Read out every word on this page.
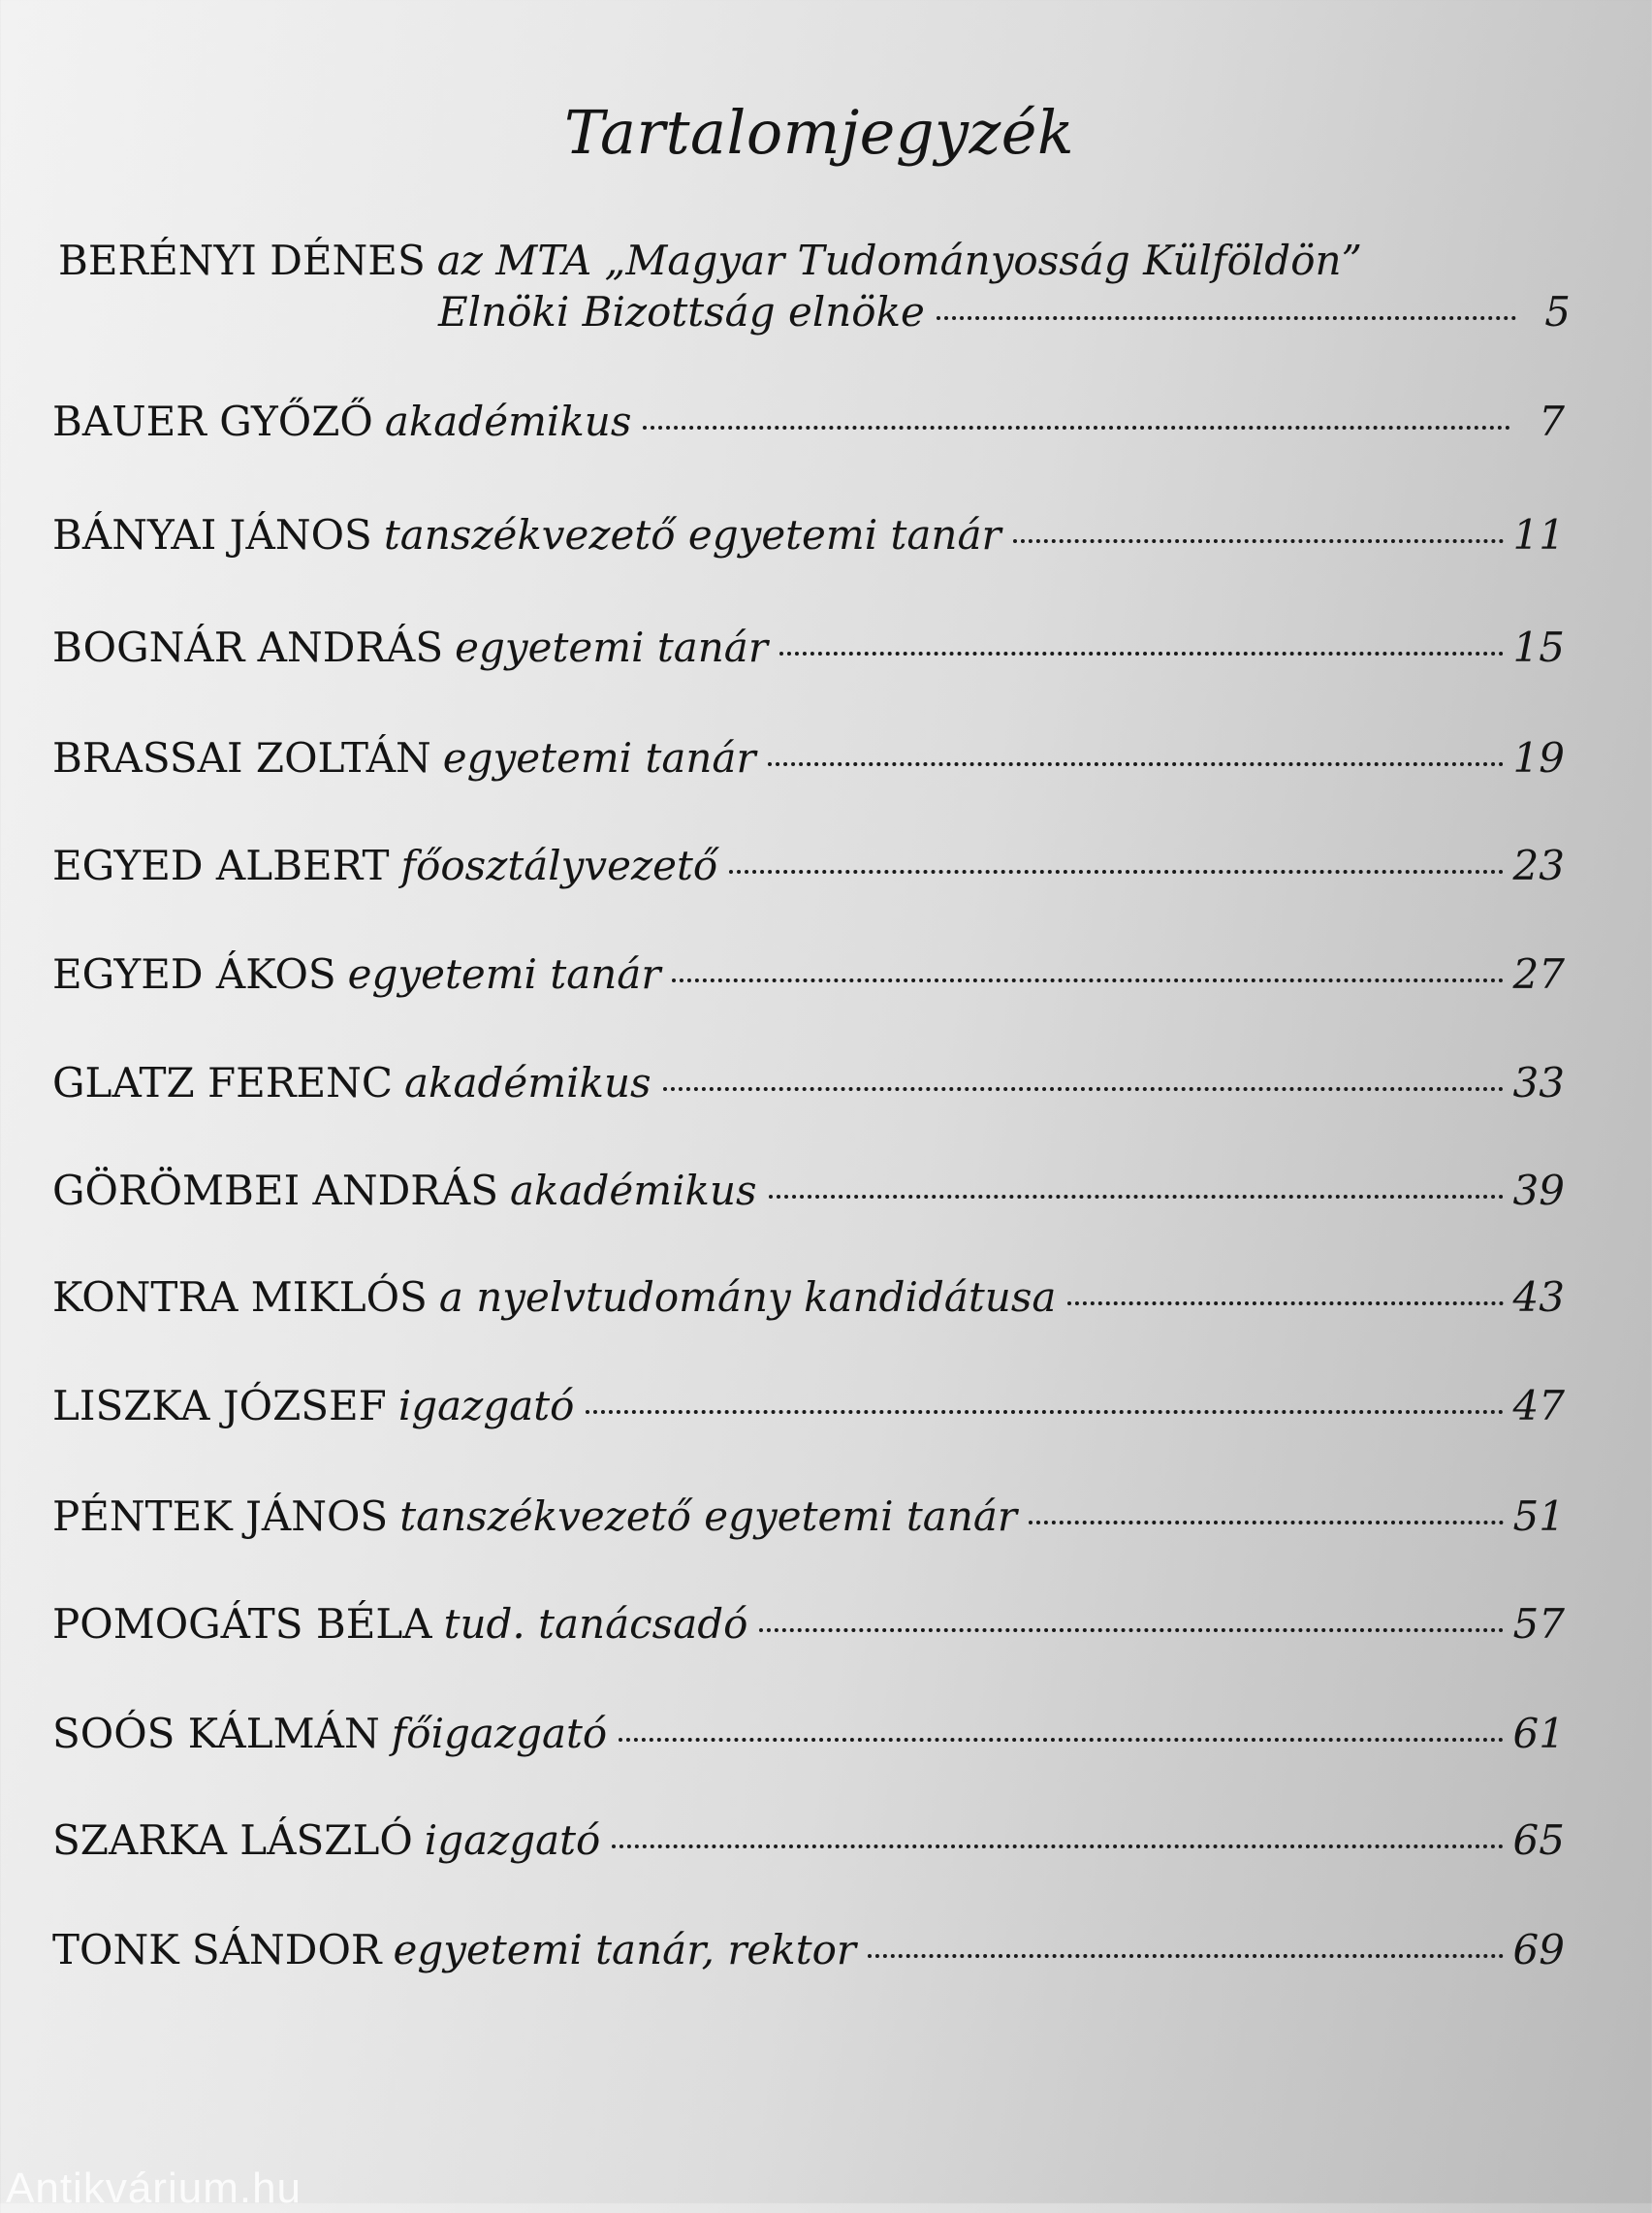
Tartalomjegyzék
BERÉNYI DÉNES az MTA „Magyar Tudományosság Külföldön”
Elnöki Bizottság elnöke	5
BAUER GYŐZŐ akadémikus	7
BÁNYAI JÁNOS tanszékvezető egyetemi tanár	11
BOGNÁR ANDRÁS egyetemi tanár	15
BRASSAI ZOLTÁN egyetemi tanár	19
EGYED ALBERT főosztályvezető	23
EGYED ÁKOS egyetemi tanár	27
GLATZ FERENC akadémikus	33
GÖRÖMBEI ANDRÁS akadémikus	39
KONTRA MIKLÓS a nyelvtudomány kandidátusa	43
LISZKA JÓZSEF igazgató	47
PÉNTEK JÁNOS tanszékvezető egyetemi tanár	51
POMOGÁTS BÉLA tud. tanácsadó	57
SOÓS KÁLMÁN főigazgató	61
SZARKA LÁSZLÓ igazgató	65
TONK SÁNDOR egyetemi tanár, rektor	69
Antikvárium.hu
